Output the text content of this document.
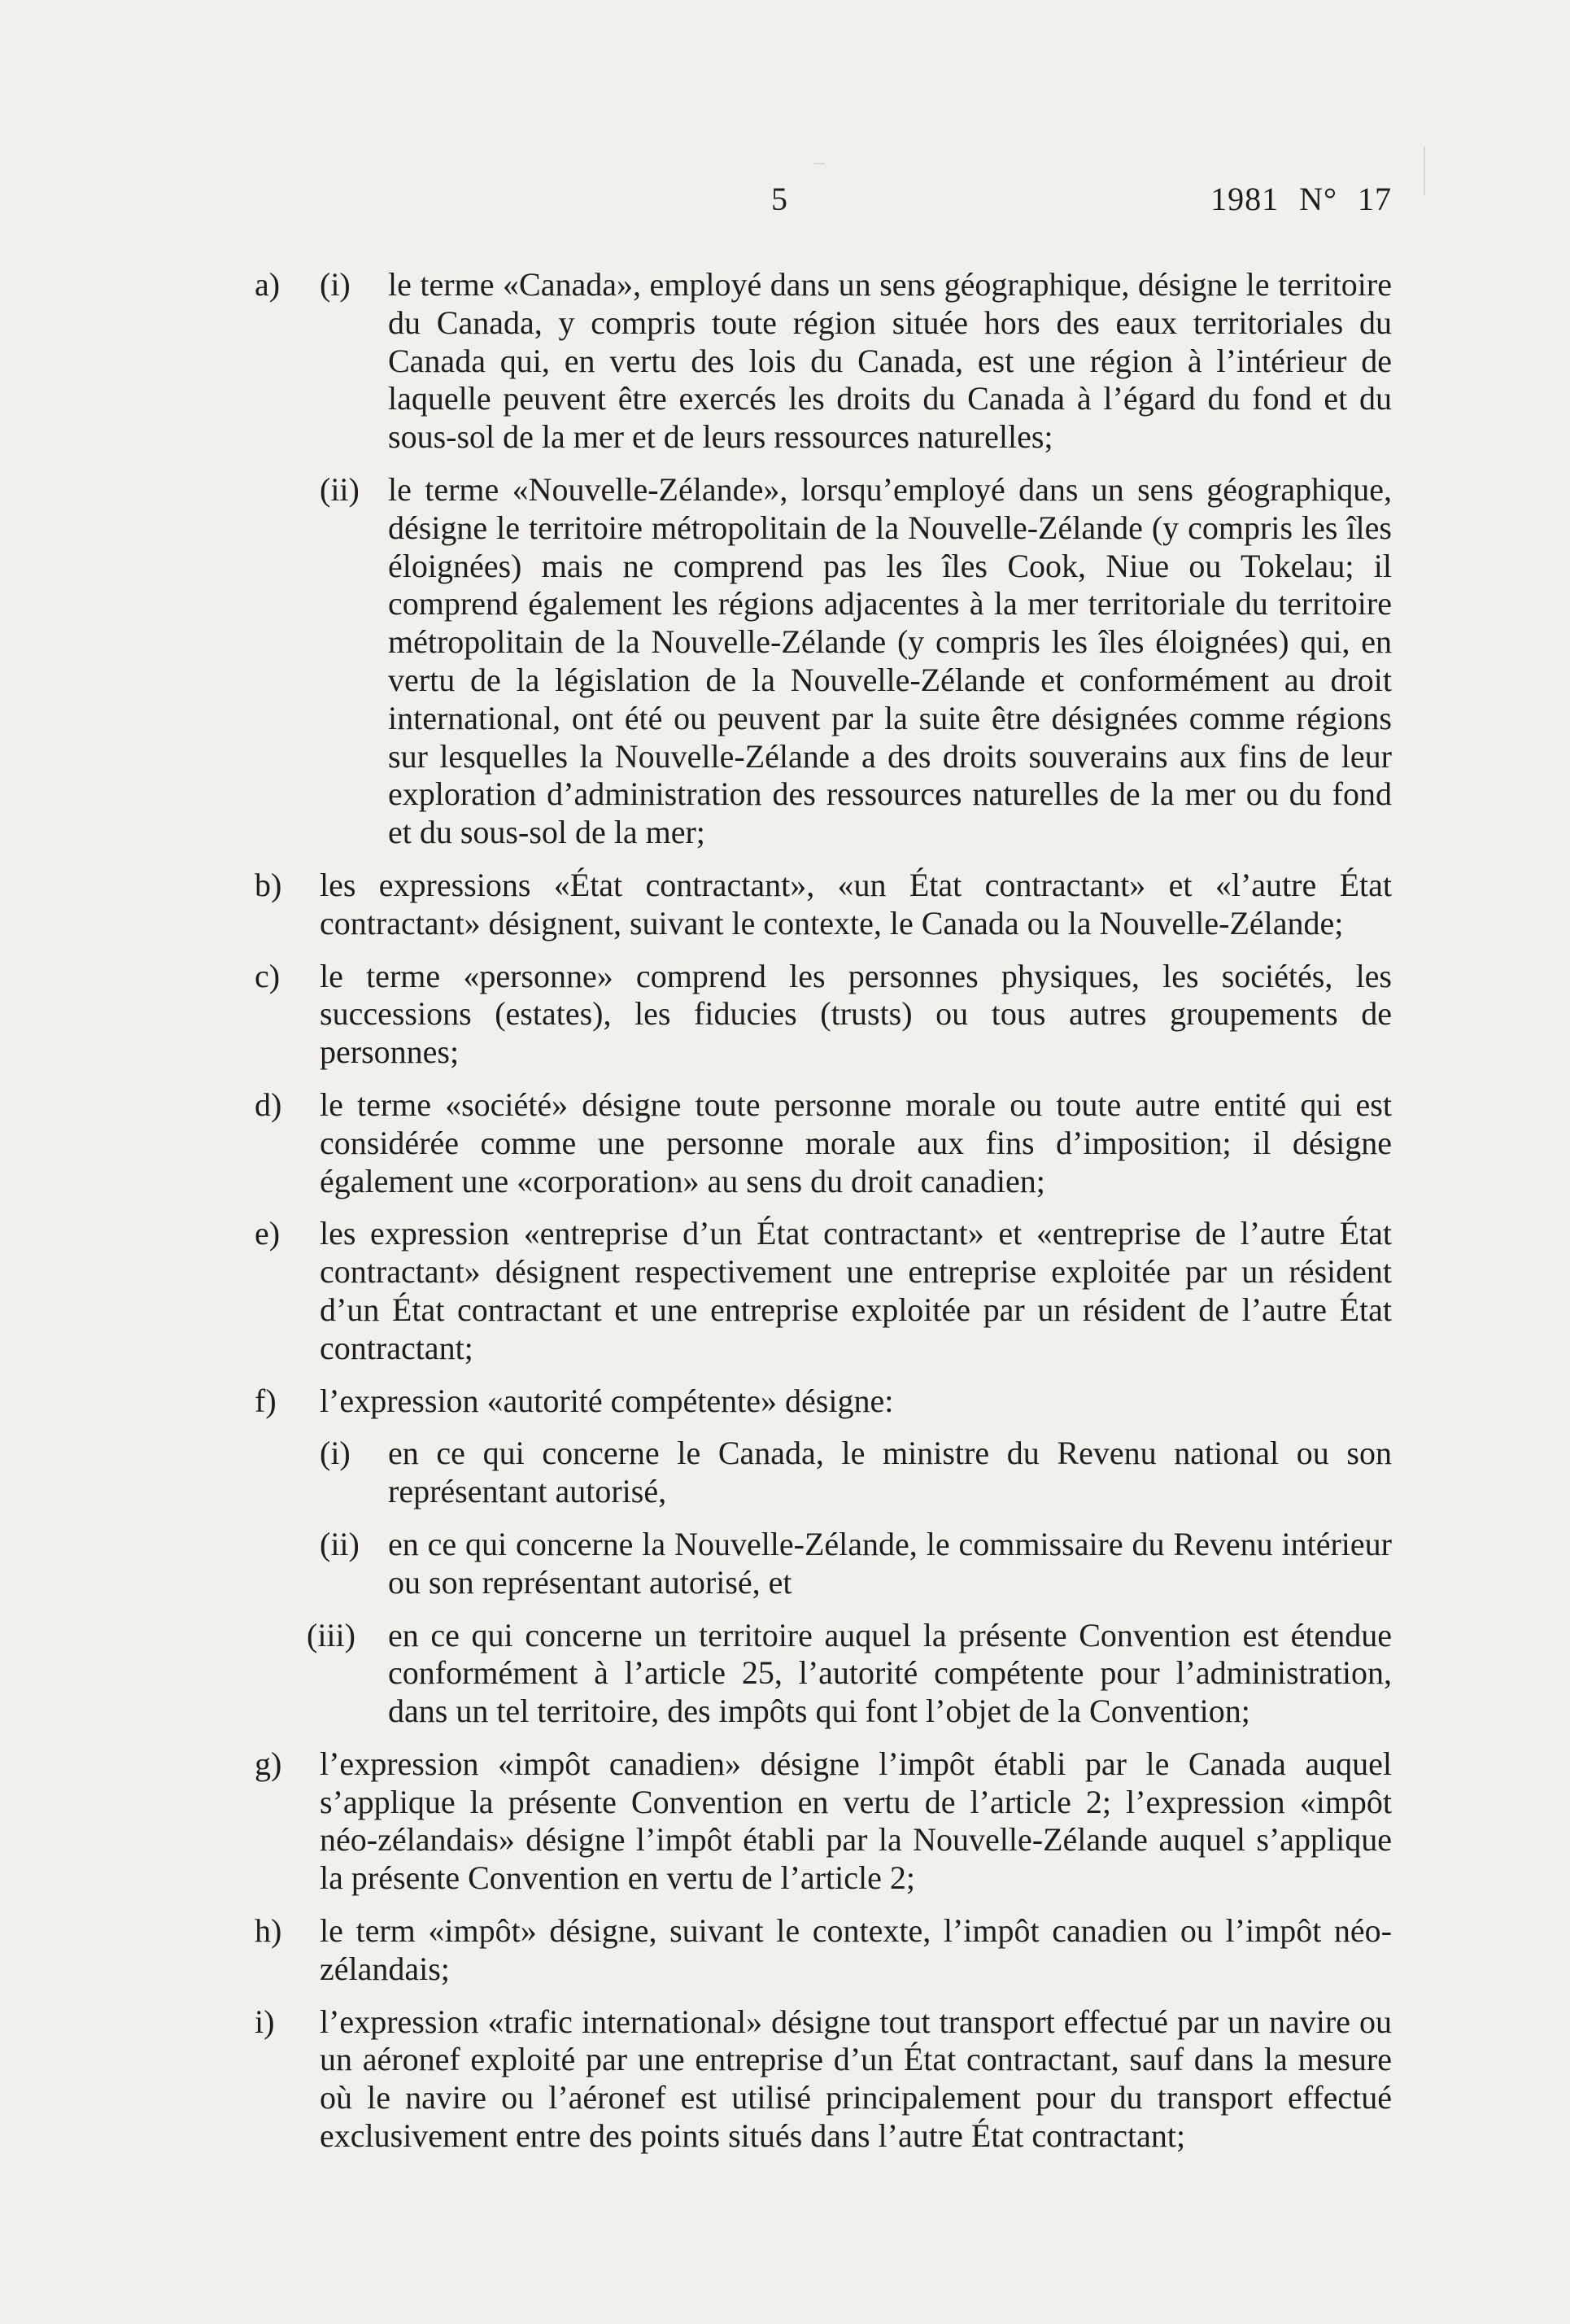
5	1981 N° 17
a)	(i)	le terme «Canada», employé dans un sens géographique, désigne le territoire du Canada, y compris toute région située hors des eaux territoriales du Canada qui, en vertu des lois du Canada, est une région à l’intérieur de laquelle peuvent être exercés les droits du Canada à l’égard du fond et du sous-sol de la mer et de leurs ressources naturelles;
(ii) le terme «Nouvelle-Zélande», lorsqu’employé dans un sens géographique, désigne le territoire métropolitain de la Nouvelle-Zélande (y compris les îles éloignées) mais ne comprend pas les îles Cook, Niue ou Tokelau; il comprend également les régions adjacentes à la mer territoriale du territoire métropolitain de la Nouvelle-Zélande (y compris les îles éloignées) qui, en vertu de la législation de la Nouvelle-Zélande et conformément au droit international, ont été ou peuvent par la suite être désignées comme régions sur lesquelles la Nouvelle-Zélande a des droits souverains aux fins de leur exploration d’administration des ressources naturelles de la mer ou du fond et du sous-sol de la mer;
b)	les expressions «État contractant», «un État contractant» et «l’autre État contractant» désignent, suivant le contexte, le Canada ou la Nouvelle-Zélande;
c)	le terme «personne» comprend les personnes physiques, les sociétés, les successions (estates), les fiducies (trusts) ou tous autres groupements de personnes;
d)	le terme «société» désigne toute personne morale ou toute autre entité qui est considérée comme une personne morale aux fins d’imposition; il désigne également une «corporation» au sens du droit canadien;
e)	les expression «entreprise d’un État contractant» et «entreprise de l’autre État contractant» désignent respectivement une entreprise exploitée par un résident d’un État contractant et une entreprise exploitée par un résident de l’autre État contractant;
f)	l’expression «autorité compétente» désigne:
(i)	en ce qui concerne le Canada, le ministre du Revenu national ou son représentant autorisé,
(ii) en ce qui concerne la Nouvelle-Zélande, le commissaire du Revenu intérieur ou son représentant autorisé, et
(iii)	en ce qui concerne un territoire auquel la présente Convention est étendue conformément à l’article 25, l’autorité compétente pour l’administration, dans un tel territoire, des impôts qui font l’objet de la Convention;
g)	l’expression «impôt canadien» désigne l’impôt établi par le Canada auquel s’applique la présente Convention en vertu de l’article 2; l’expression «impôt néo-zélandais» désigne l’impôt établi par la Nouvelle-Zélande auquel s’applique la présente Convention en vertu de l’article 2;
h)	le term «impôt» désigne, suivant le contexte, l’impôt canadien ou l’impôt néo-zélandais;
i)	l’expression «trafic international» désigne tout transport effectué par un navire ou un aéronef exploité par une entreprise d’un État contractant, sauf dans la mesure où le navire ou l’aéronef est utilisé principalement pour du transport effectué exclusivement entre des points situés dans l’autre État contractant;
